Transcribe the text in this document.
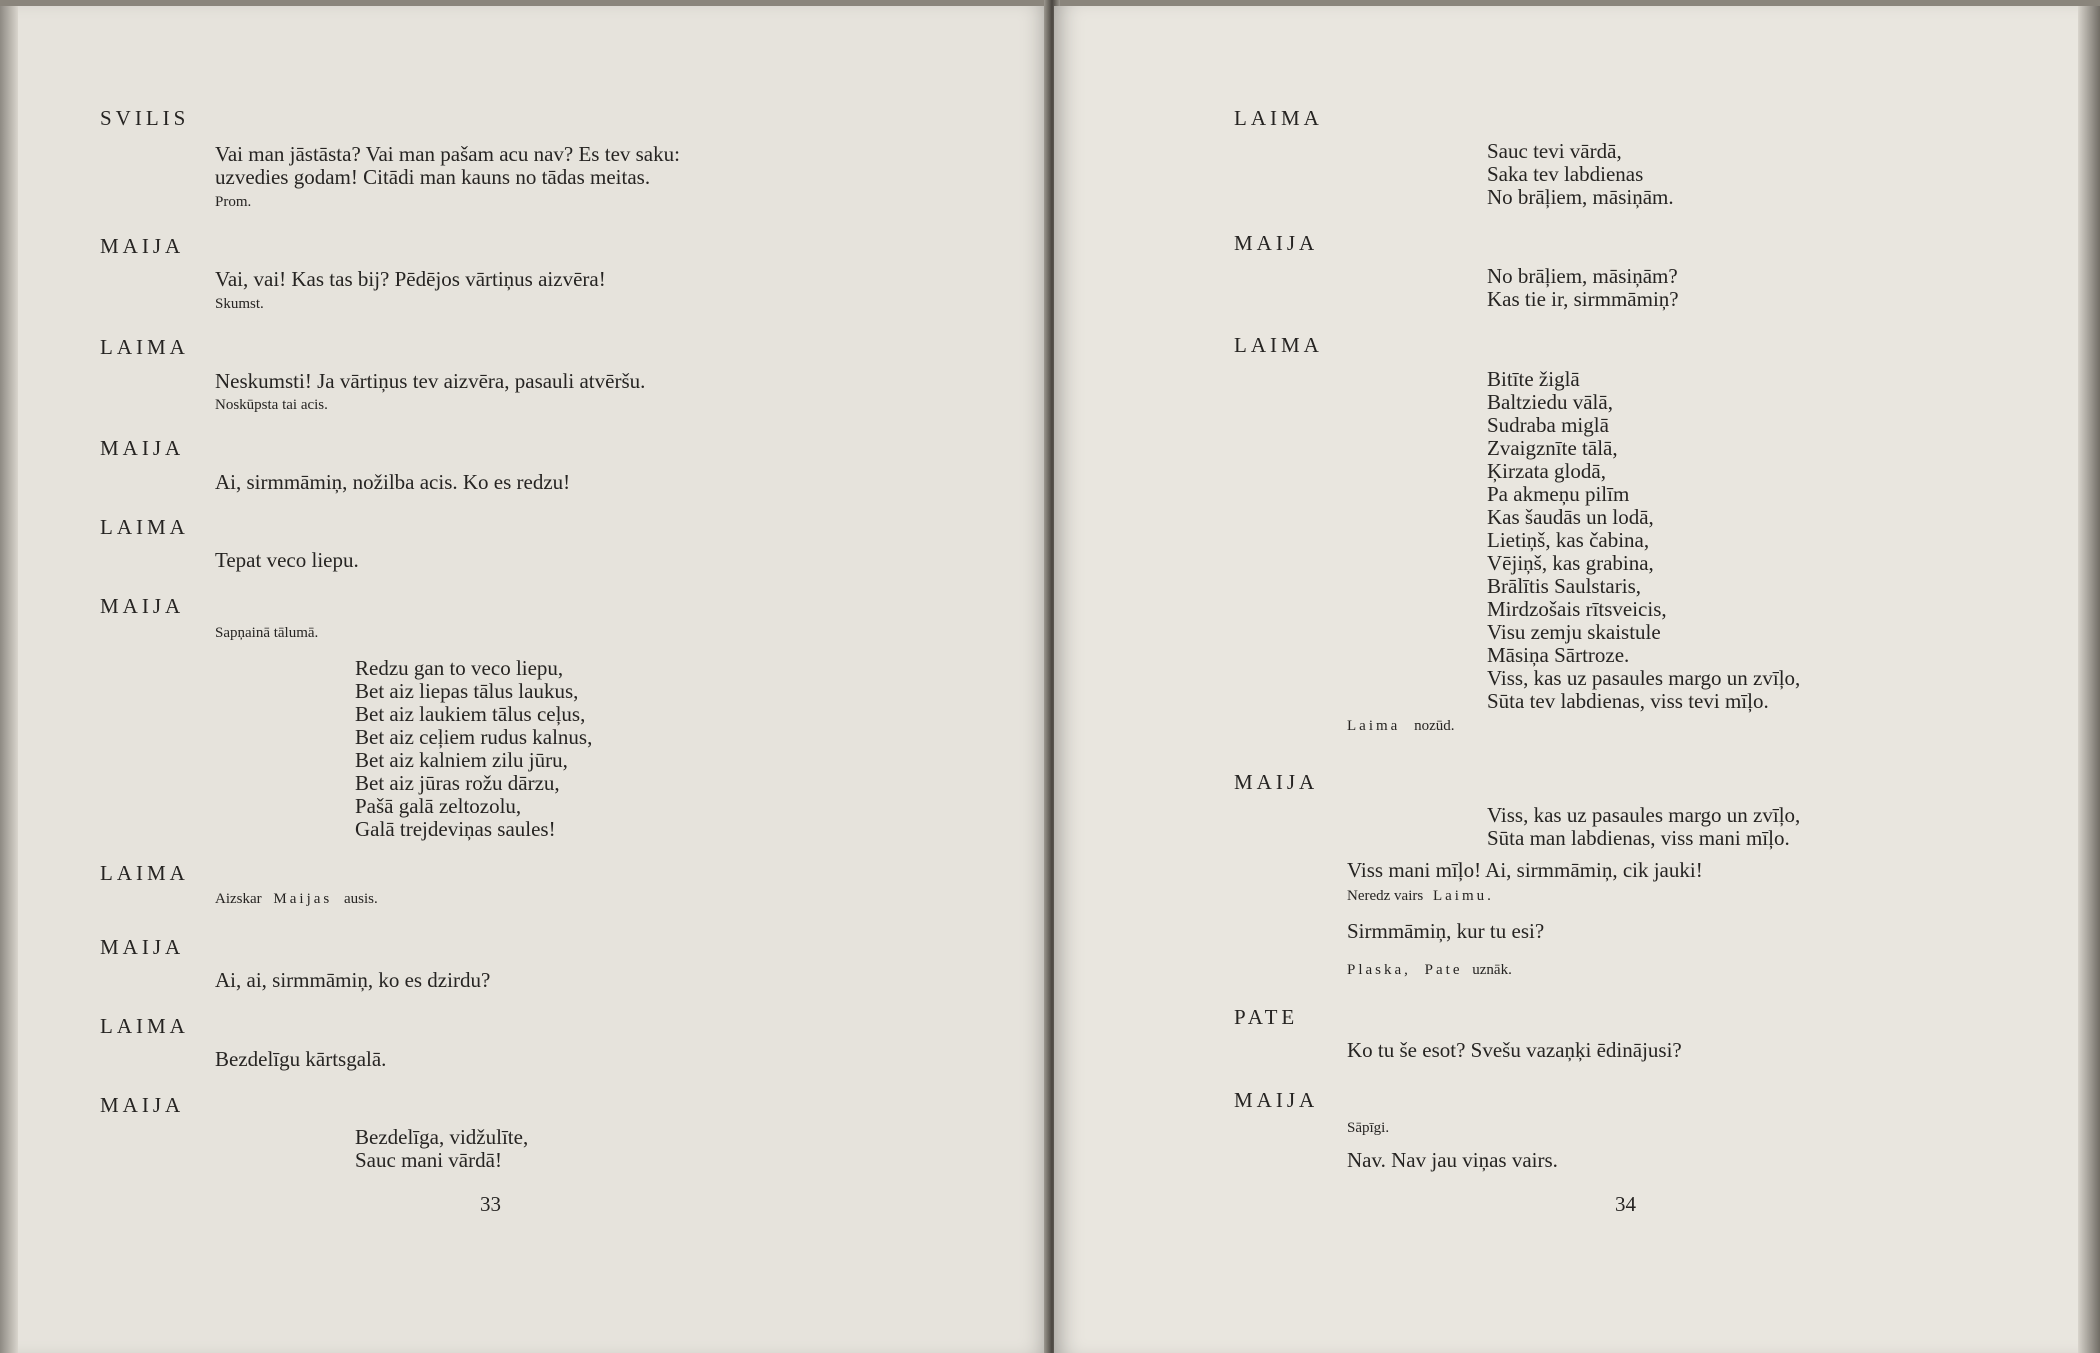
SVILIS
Vai man jāstāsta? Vai man pašam acu nav? Es tev saku:
uzvedies godam! Citādi man kauns no tādas meitas.
Prom.
MAIJA
Vai, vai! Kas tas bij? Pēdējos vārtiņus aizvēra!
Skumst.
LAIMA
Neskumsti! Ja vārtiņus tev aizvēra, pasauli atvēršu.
Noskūpsta tai acis.
MAIJA
Ai, sirmmāmiņ, nožilba acis. Ko es redzu!
LAIMA
Tepat veco liepu.
MAIJA
Sapņainā tālumā.
Redzu gan to veco liepu,
Bet aiz liepas tālus laukus,
Bet aiz laukiem tālus ceļus,
Bet aiz ceļiem rudus kalnus,
Bet aiz kalniem zilu jūru,
Bet aiz jūras rožu dārzu,
Pašā galā zeltozolu,
Galā trejdeviņas saules!
LAIMA
Aizskar Maijas ausis.
MAIJA
Ai, ai, sirmmāmiņ, ko es dzirdu?
LAIMA
Bezdelīgu kārtsgalā.
MAIJA
Bezdelīga, vidžulīte,
Sauc mani vārdā!
33
LAIMA
Sauc tevi vārdā,
Saka tev labdienas
No brāļiem, māsiņām.
MAIJA
No brāļiem, māsiņām?
Kas tie ir, sirmmāmiņ?
LAIMA
Bitīte žiglā
Baltziedu vālā,
Sudraba miglā
Zvaigznīte tālā,
Ķirzata glodā,
Pa akmeņu pilīm
Kas šaudās un lodā,
Lietiņš, kas čabina,
Vējiņš, kas grabina,
Brālītis Saulstaris,
Mirdzošais rītsveicis,
Visu zemju skaistule
Māsiņa Sārtroze.
Viss, kas uz pasaules margo un zvīļo,
Sūta tev labdienas, viss tevi mīļo.
Laima nozūd.
MAIJA
Viss, kas uz pasaules margo un zvīļo,
Sūta man labdienas, viss mani mīļo.
Viss mani mīļo! Ai, sirmmāmiņ, cik jauki!
Neredz vairs Laimu.
Sirmmāmiņ, kur tu esi?
Plaska, Pate uznāk.
PATE
Ko tu še esot? Svešu vazaņķi ēdinājusi?
MAIJA
Sāpīgi.
Nav. Nav jau viņas vairs.
34
